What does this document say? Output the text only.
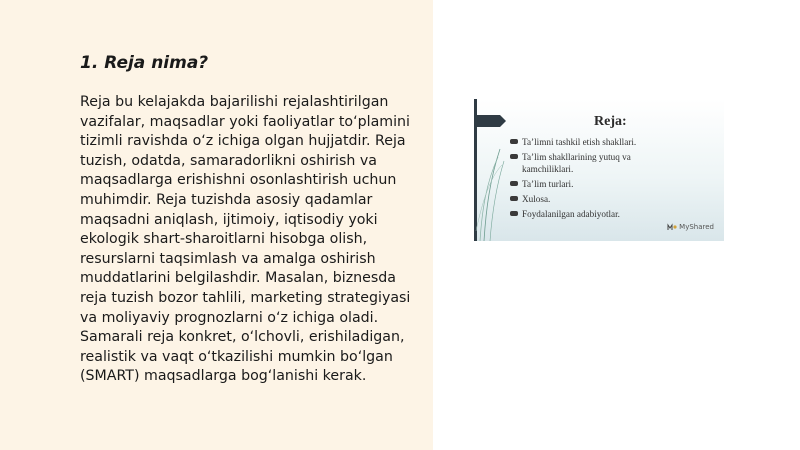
1. Reja nima?

Reja bu kelajakda bajarilishi rejalashtirilgan vazifalar, maqsadlar yoki faoliyatlar to‘plamini tizimli ravishda o‘z ichiga olgan hujjatdir. Reja tuzish, odatda, samaradorlikni oshirish va maqsadlarga erishishni osonlashtirish uchun muhimdir. Reja tuzishda asosiy qadamlar maqsadni aniqlash, ijtimoiy, iqtisodiy yoki ekologik shart-sharoitlarni hisobga olish, resurslarni taqsimlash va amalga oshirish muddatlarini belgilashdir. Masalan, biznesda reja tuzish bozor tahlili, marketing strategiyasi va moliyaviy prognozlarni o‘z ichiga oladi. Samarali reja konkret, o‘lchovli, erishiladigan, realistik va vaqt o‘tkazilishi mumkin bo‘lgan (SMART) maqsadlarga bog‘lanishi kerak.

Reja:
Ta’limni tashkil etish shakllari.
Ta’lim shakllarining yutuq va kamchiliklari.
Ta’lim turlari.
Xulosa.
Foydalanilgan adabiyotlar.
MyShared
